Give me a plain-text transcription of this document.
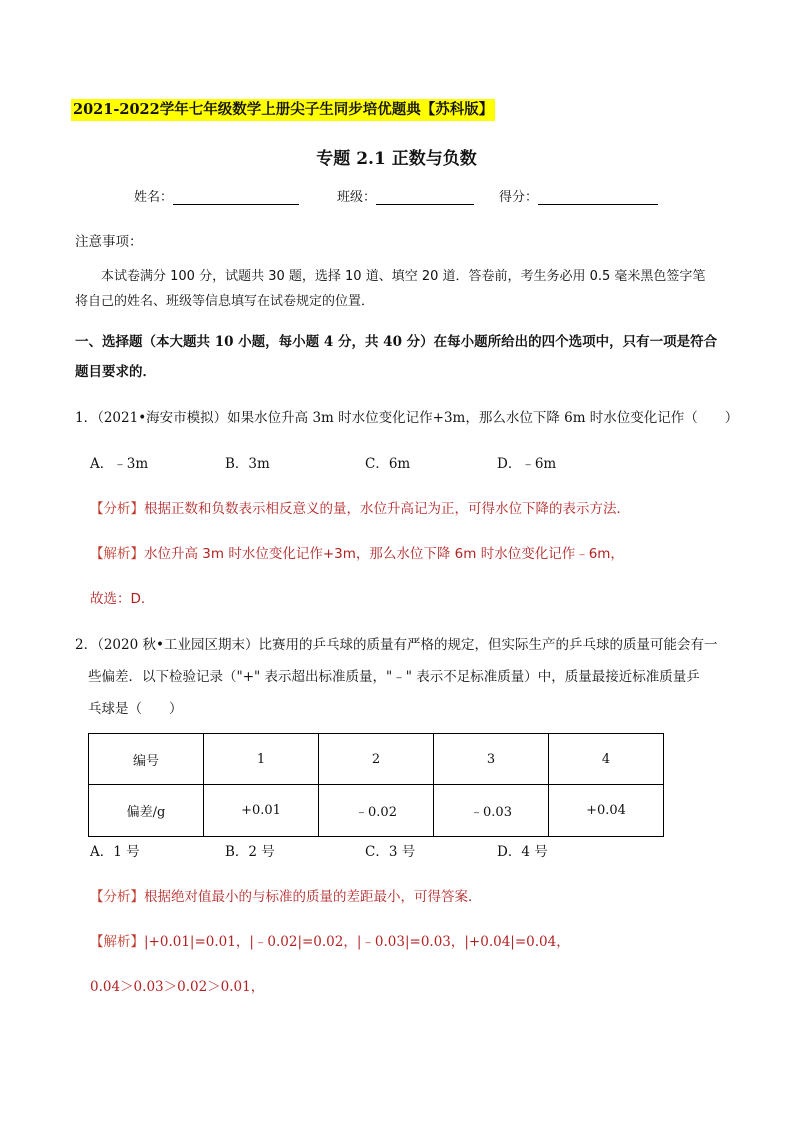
2021-2022学年七年级数学上册尖子生同步培优题典【苏科版】
专题 2.1 正数与负数
姓名：	班级：	得分：
注意事项：
本试卷满分 100 分，试题共 30 题，选择 10 道、填空 20 道．答卷前，考生务必用 0.5 毫米黑色签字笔
将自己的姓名、班级等信息填写在试卷规定的位置．
一、选择题（本大题共 10 小题，每小题 4 分，共 40 分）在每小题所给出的四个选项中，只有一项是符合
题目要求的．
1．（2021•海安市模拟）如果水位升高 3m 时水位变化记作+3m，那么水位下降 6m 时水位变化记作（　　）
A．﹣3m	B．3m	C．6m	D．﹣6m
【分析】根据正数和负数表示相反意义的量，水位升高记为正，可得水位下降的表示方法．
【解析】水位升高 3m 时水位变化记作+3m，那么水位下降 6m 时水位变化记作﹣6m，
故选：D．
2．（2020 秋•工业园区期末）比赛用的乒乓球的质量有严格的规定，但实际生产的乒乓球的质量可能会有一
些偏差．以下检验记录（"+" 表示超出标准质量，"﹣" 表示不足标准质量）中，质量最接近标准质量乒
乓球是（　　）
编号	1	2	3	4
偏差/g	+0.01	﹣0.02	﹣0.03	+0.04
A．1 号	B．2 号	C．3 号	D．4 号
【分析】根据绝对值最小的与标准的质量的差距最小，可得答案．
【解析】|+0.01|=0.01，|﹣0.02|=0.02，|﹣0.03|=0.03，|+0.04|=0.04，
0.04＞0.03＞0.02＞0.01，
